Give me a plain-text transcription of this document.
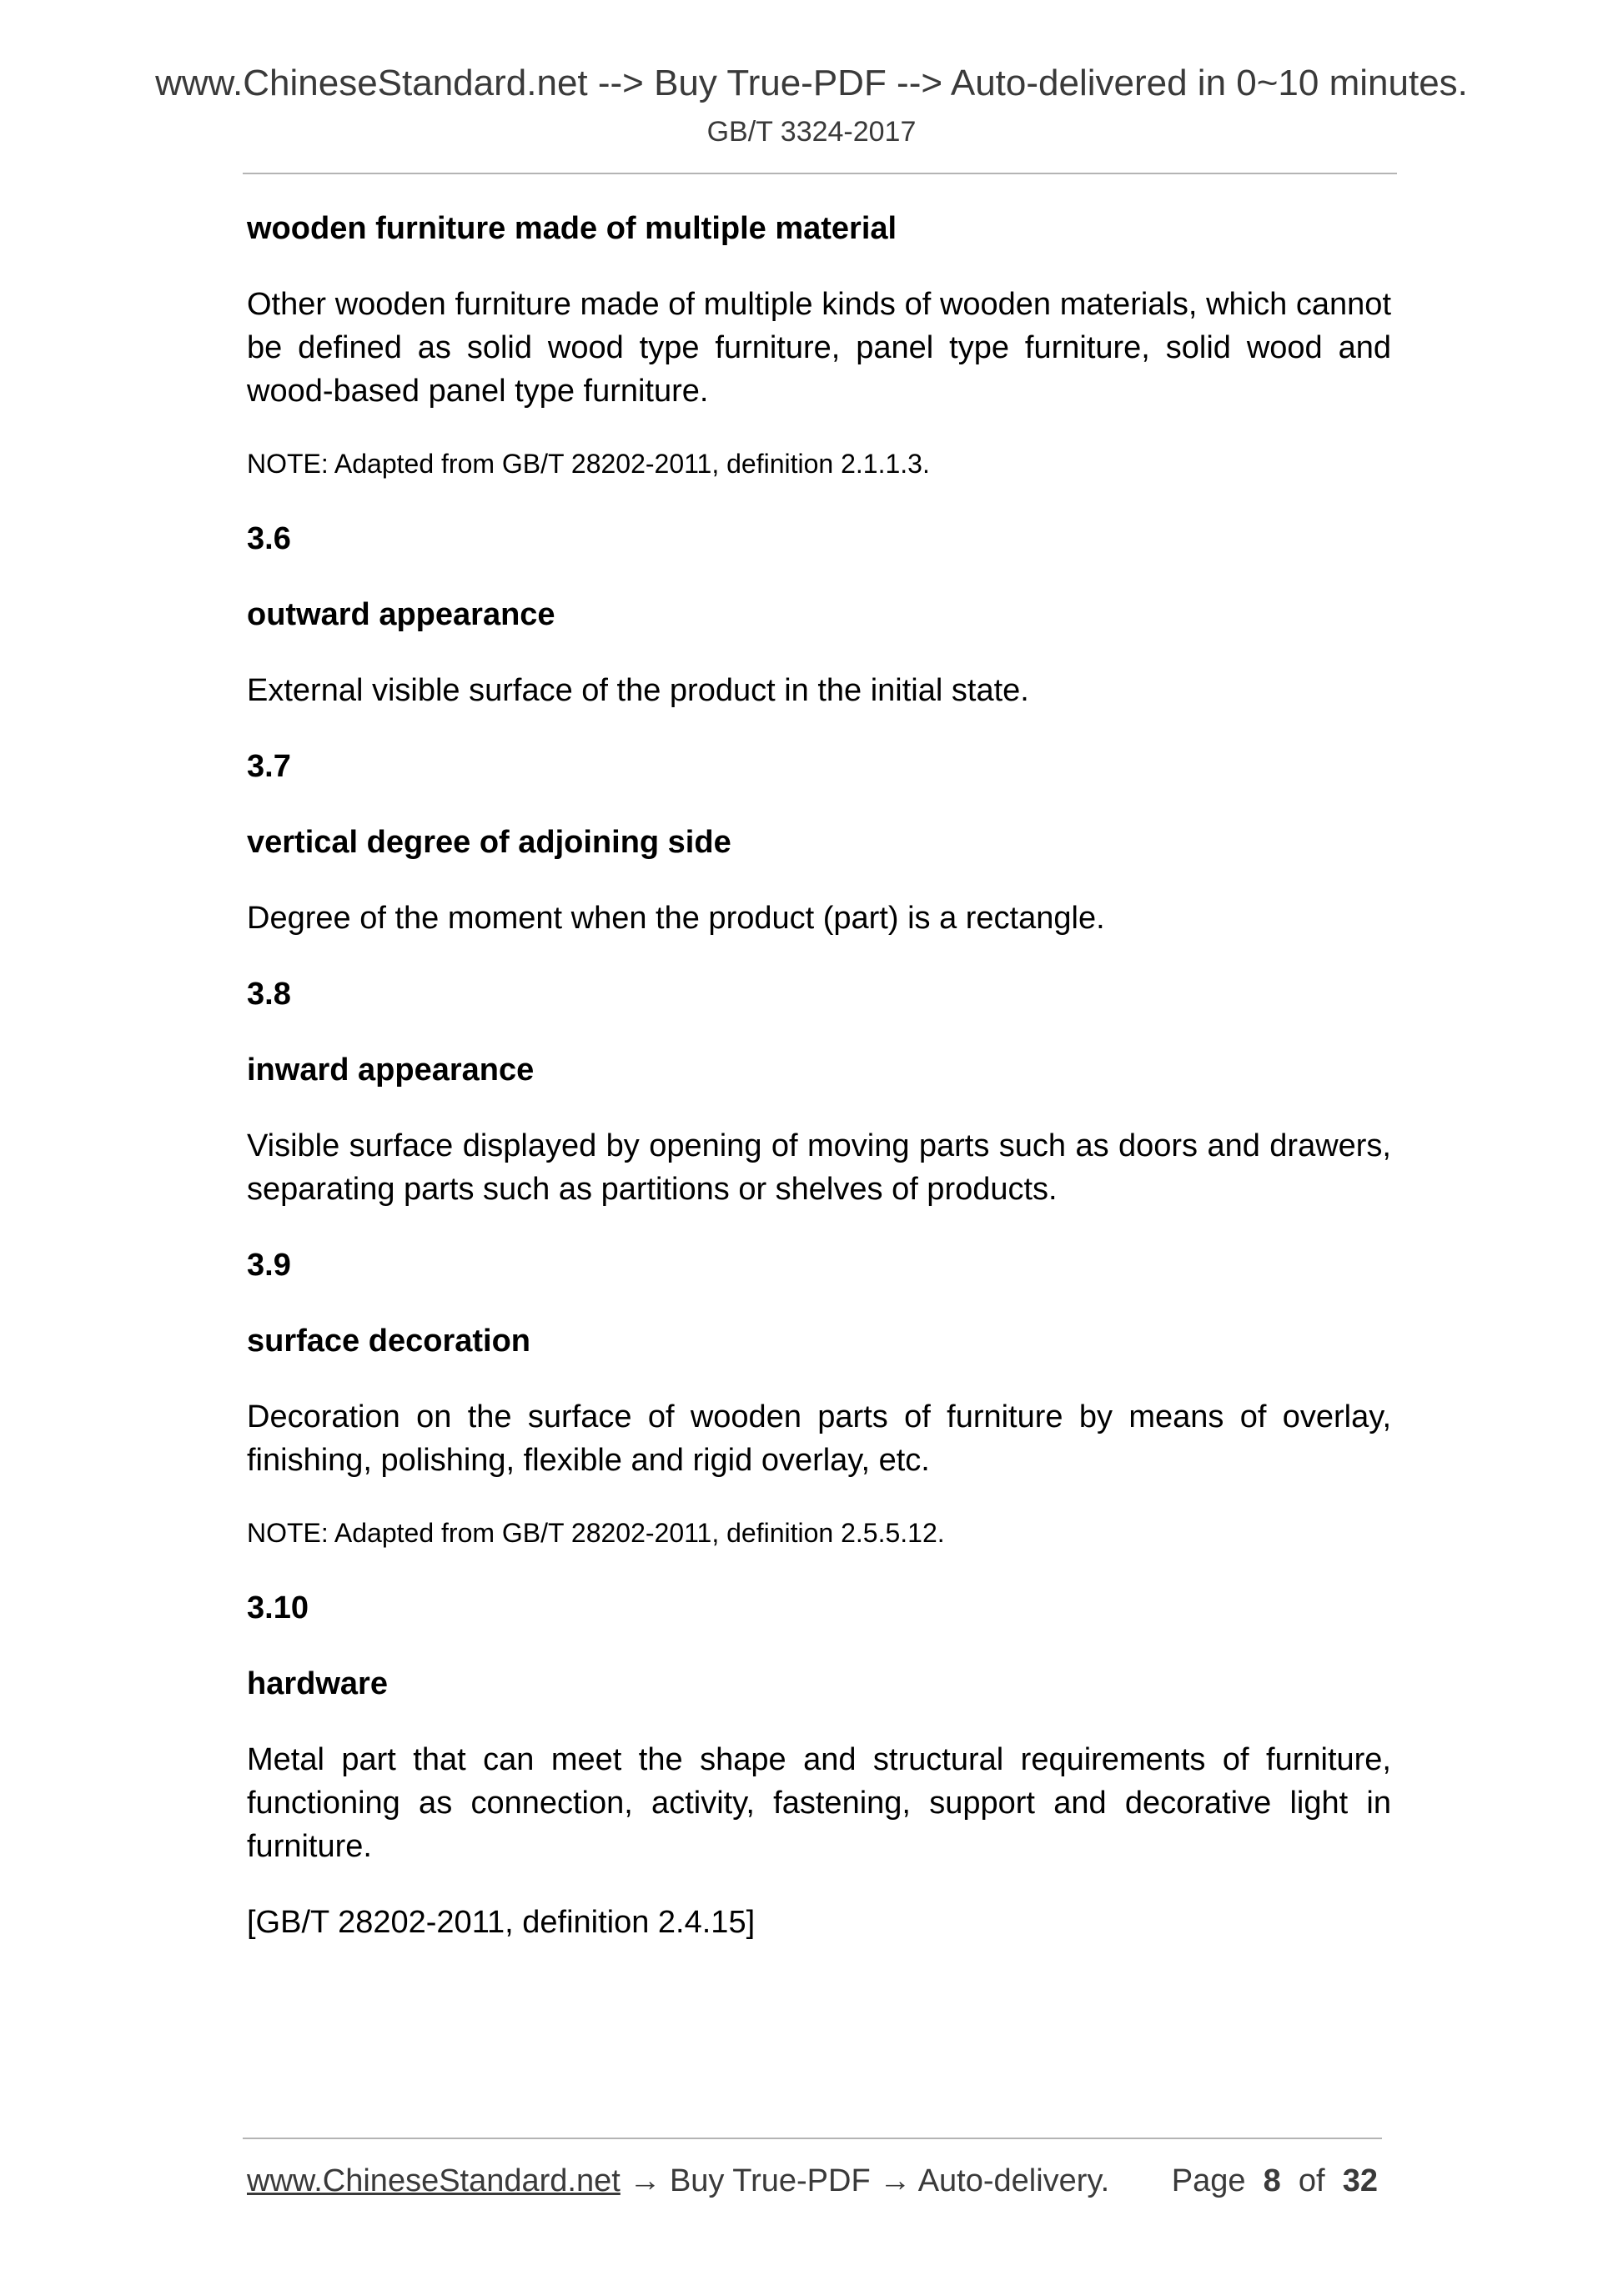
www.ChineseStandard.net --> Buy True-PDF --> Auto-delivered in 0~10 minutes.
GB/T 3324-2017

wooden furniture made of multiple material

Other wooden furniture made of multiple kinds of wooden materials, which cannot be defined as solid wood type furniture, panel type furniture, solid wood and wood-based panel type furniture.

NOTE: Adapted from GB/T 28202-2011, definition 2.1.1.3.

3.6

outward appearance

External visible surface of the product in the initial state.

3.7

vertical degree of adjoining side

Degree of the moment when the product (part) is a rectangle.

3.8

inward appearance

Visible surface displayed by opening of moving parts such as doors and drawers, separating parts such as partitions or shelves of products.

3.9

surface decoration

Decoration on the surface of wooden parts of furniture by means of overlay, finishing, polishing, flexible and rigid overlay, etc.

NOTE: Adapted from GB/T 28202-2011, definition 2.5.5.12.

3.10

hardware

Metal part that can meet the shape and structural requirements of furniture, functioning as connection, activity, fastening, support and decorative light in furniture.

[GB/T 28202-2011, definition 2.4.15]

www.ChineseStandard.net → Buy True-PDF → Auto-delivery. Page 8 of 32
